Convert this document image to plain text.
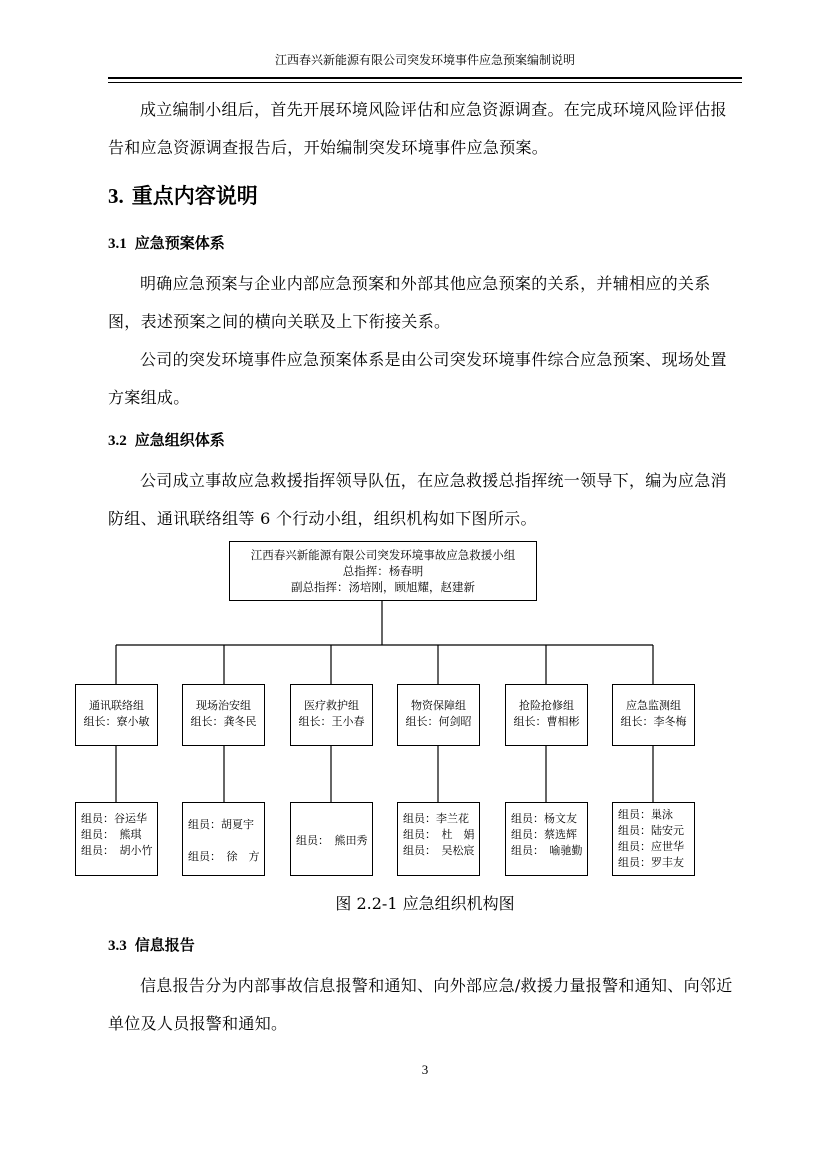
江西春兴新能源有限公司突发环境事件应急预案编制说明

成立编制小组后，首先开展环境风险评估和应急资源调查。在完成环境风险评估报告和应急资源调查报告后，开始编制突发环境事件应急预案。

3. 重点内容说明
3.1 应急预案体系

明确应急预案与企业内部应急预案和外部其他应急预案的关系，并辅相应的关系图，表述预案之间的横向关联及上下衔接关系。

公司的突发环境事件应急预案体系是由公司突发环境事件综合应急预案、现场处置方案组成。

3.2 应急组织体系

公司成立事故应急救援指挥领导队伍，在应急救援总指挥统一领导下，编为应急消防组、通讯联络组等 6 个行动小组，组织机构如下图所示。

江西春兴新能源有限公司突发环境事故应急救援小组
总指挥：杨春明
副总指挥：汤培刚，顾旭耀，赵建新
通讯联络组
组长：寮小敏
现场治安组
组长：龚冬民
医疗救护组
组长：王小春
物资保障组
组长：何剑昭
抢险抢修组
组长：曹相彬
应急监测组
组长：李冬梅
组员：谷运华
组员：　熊琪
组员：　胡小竹
组员：胡夏宇
组员：　徐　方
组员：　熊田秀
组员：李兰花
组员：　杜　娟
组员：　吴松宸
组员：杨文友
组员：蔡选辉
组员：　喻驰勤
组员：巢泳
组员：陆安元
组员：应世华
组员：罗丰友
图 2.2-1 应急组织机构图
3.3 信息报告

信息报告分为内部事故信息报警和通知、向外部应急/救援力量报警和通知、向邻近单位及人员报警和通知。

3
